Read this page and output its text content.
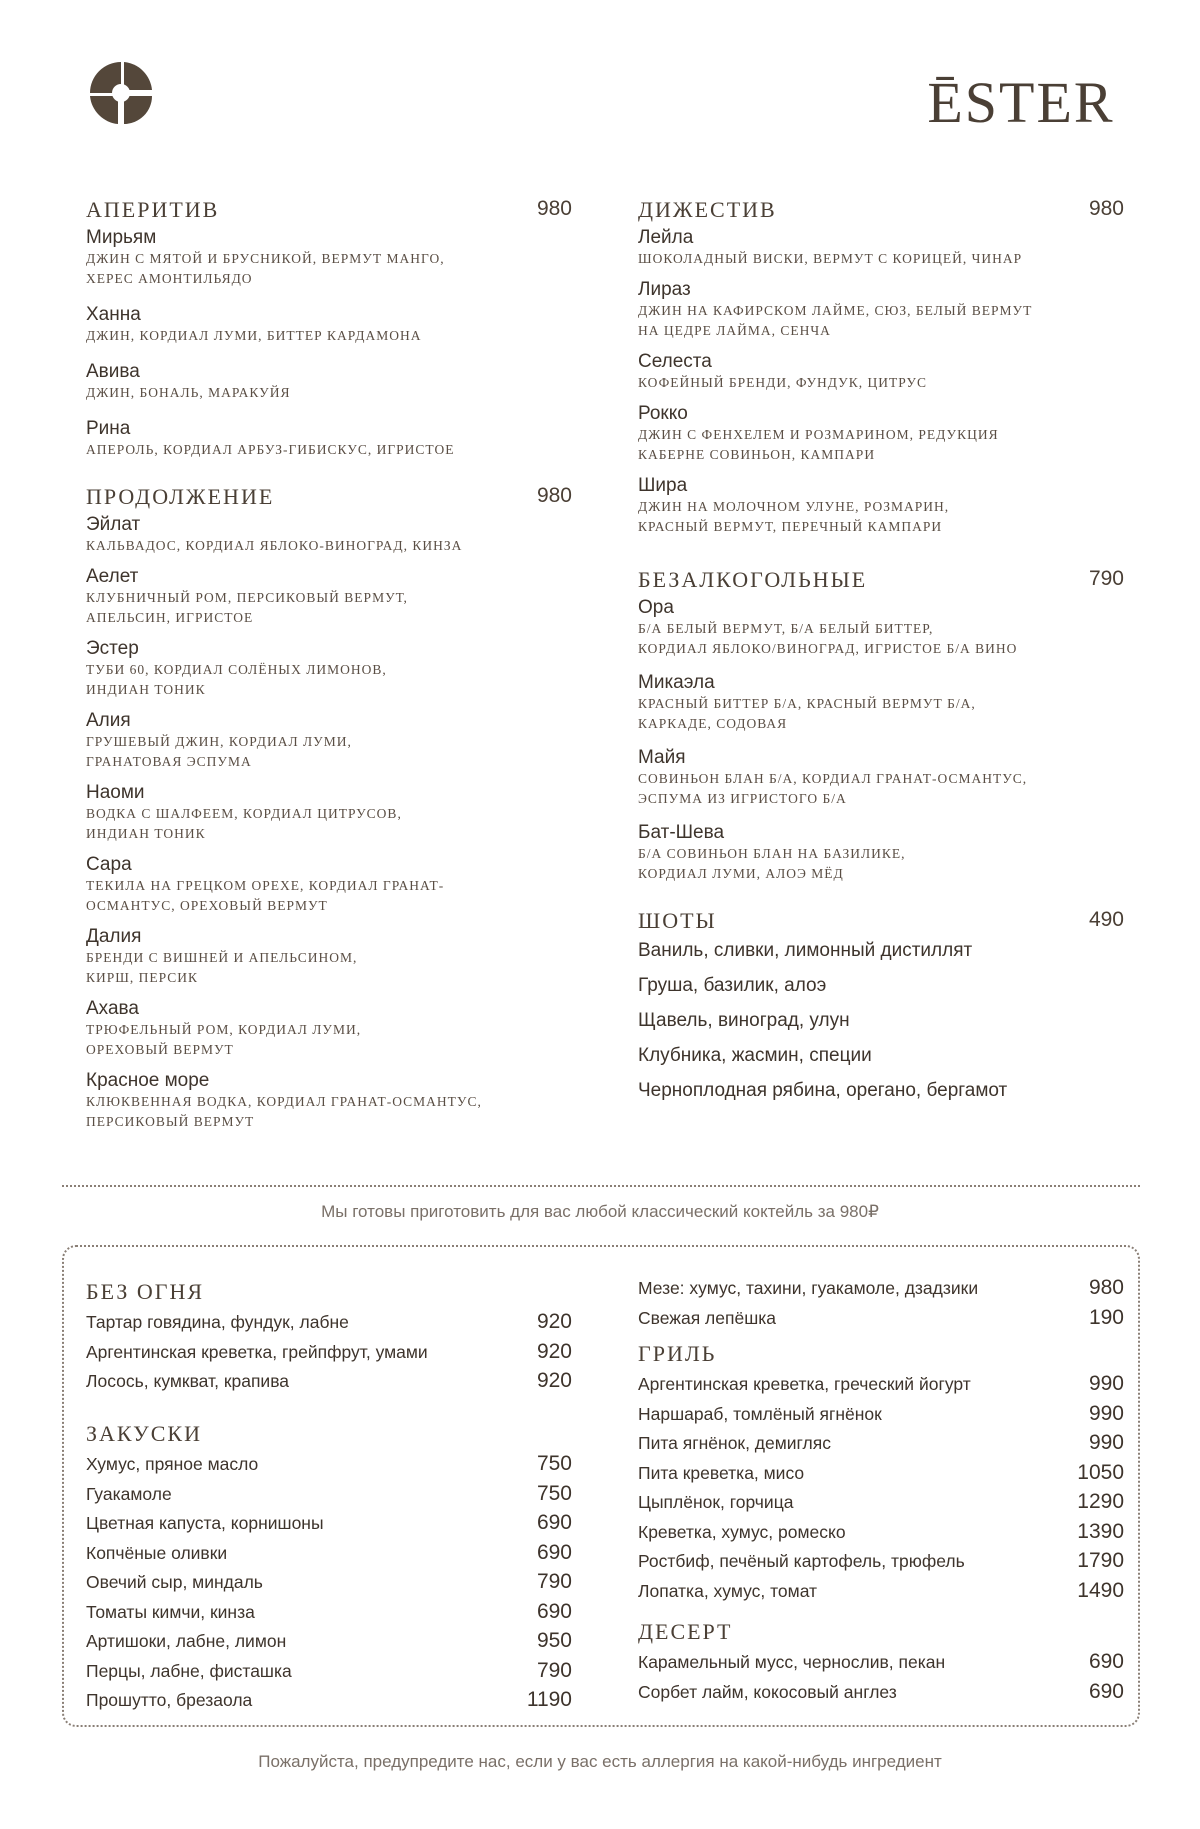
ĒSTER
АПЕРИТИВ	980
Мирьям
ДЖИН С МЯТОЙ И БРУСНИКОЙ, ВЕРМУТ МАНГО,
ХЕРЕС АМОНТИЛЬЯДО
Ханна
ДЖИН, КОРДИАЛ ЛУМИ, БИТТЕР КАРДАМОНА
Авива
ДЖИН, БОНАЛЬ, МАРАКУЙЯ
Рина
АПЕРОЛЬ, КОРДИАЛ АРБУЗ-ГИБИСКУС, ИГРИСТОЕ
ПРОДОЛЖЕНИЕ	980
Эйлат
КАЛЬВАДОС, КОРДИАЛ ЯБЛОКО-ВИНОГРАД, КИНЗА
Аелет
КЛУБНИЧНЫЙ РОМ, ПЕРСИКОВЫЙ ВЕРМУТ,
АПЕЛЬСИН, ИГРИСТОЕ
Эстер
ТУБИ 60, КОРДИАЛ СОЛЁНЫХ ЛИМОНОВ,
ИНДИАН ТОНИК
Алия
ГРУШЕВЫЙ ДЖИН, КОРДИАЛ ЛУМИ,
ГРАНАТОВАЯ ЭСПУМА
Наоми
ВОДКА С ШАЛФЕЕМ, КОРДИАЛ ЦИТРУСОВ,
ИНДИАН ТОНИК
Сара
ТЕКИЛА НА ГРЕЦКОМ ОРЕХЕ, КОРДИАЛ ГРАНАТ-
ОСМАНТУС, ОРЕХОВЫЙ ВЕРМУТ
Далия
БРЕНДИ С ВИШНЕЙ И АПЕЛЬСИНОМ,
КИРШ, ПЕРСИК
Ахава
ТРЮФЕЛЬНЫЙ РОМ, КОРДИАЛ ЛУМИ,
ОРЕХОВЫЙ ВЕРМУТ
Красное море
КЛЮКВЕННАЯ ВОДКА, КОРДИАЛ ГРАНАТ-ОСМАНТУС,
ПЕРСИКОВЫЙ ВЕРМУТ
ДИЖЕСТИВ	980
Лейла
ШОКОЛАДНЫЙ ВИСКИ, ВЕРМУТ С КОРИЦЕЙ, ЧИНАР
Лираз
ДЖИН НА КАФИРСКОМ ЛАЙМЕ, СЮЗ, БЕЛЫЙ ВЕРМУТ
НА ЦЕДРЕ ЛАЙМА, СЕНЧА
Селеста
КОФЕЙНЫЙ БРЕНДИ, ФУНДУК, ЦИТРУС
Рокко
ДЖИН С ФЕНХЕЛЕМ И РОЗМАРИНОМ, РЕДУКЦИЯ
КАБЕРНЕ СОВИНЬОН, КАМПАРИ
Шира
ДЖИН НА МОЛОЧНОМ УЛУНЕ, РОЗМАРИН,
КРАСНЫЙ ВЕРМУТ, ПЕРЕЧНЫЙ КАМПАРИ
БЕЗАЛКОГОЛЬНЫЕ	790
Ора
Б/А БЕЛЫЙ ВЕРМУТ, Б/А БЕЛЫЙ БИТТЕР,
КОРДИАЛ ЯБЛОКО/ВИНОГРАД, ИГРИСТОЕ Б/А ВИНО
Микаэла
КРАСНЫЙ БИТТЕР Б/А, КРАСНЫЙ ВЕРМУТ Б/А,
КАРКАДЕ, СОДОВАЯ
Майя
СОВИНЬОН БЛАН Б/А, КОРДИАЛ ГРАНАТ-ОСМАНТУС,
ЭСПУМА ИЗ ИГРИСТОГО Б/А
Бат-Шева
Б/А СОВИНЬОН БЛАН НА БАЗИЛИКЕ,
КОРДИАЛ ЛУМИ, АЛОЭ МЁД
ШОТЫ	490
Ваниль, сливки, лимонный дистиллят
Груша, базилик, алоэ
Щавель, виноград, улун
Клубника, жасмин, специи
Черноплодная рябина, орегано, бергамот
Мы готовы приготовить для вас любой классический коктейль за 980₽
БЕЗ ОГНЯ
Тартар говядина, фундук, лабне	920
Аргентинская креветка, грейпфрут, умами	920
Лосось, кумкват, крапива	920
ЗАКУСКИ
Хумус, пряное масло	750
Гуакамоле	750
Цветная капуста, корнишоны	690
Копчёные оливки	690
Овечий сыр, миндаль	790
Томаты кимчи, кинза	690
Артишоки, лабне, лимон	950
Перцы, лабне, фисташка	790
Прошутто, брезаола	1190
Мезе: хумус, тахини, гуакамоле, дзадзики	980
Свежая лепёшка	190
ГРИЛЬ
Аргентинская креветка, греческий йогурт	990
Наршараб, томлёный ягнёнок	990
Пита ягнёнок, демигляс	990
Пита креветка, мисо	1050
Цыплёнок, горчица	1290
Креветка, хумус, ромеско	1390
Ростбиф, печёный картофель, трюфель	1790
Лопатка, хумус, томат	1490
ДЕСЕРТ
Карамельный мусс, чернослив, пекан	690
Сорбет лайм, кокосовый англез	690
Пожалуйста, предупредите нас, если у вас есть аллергия на какой-нибудь ингредиент
